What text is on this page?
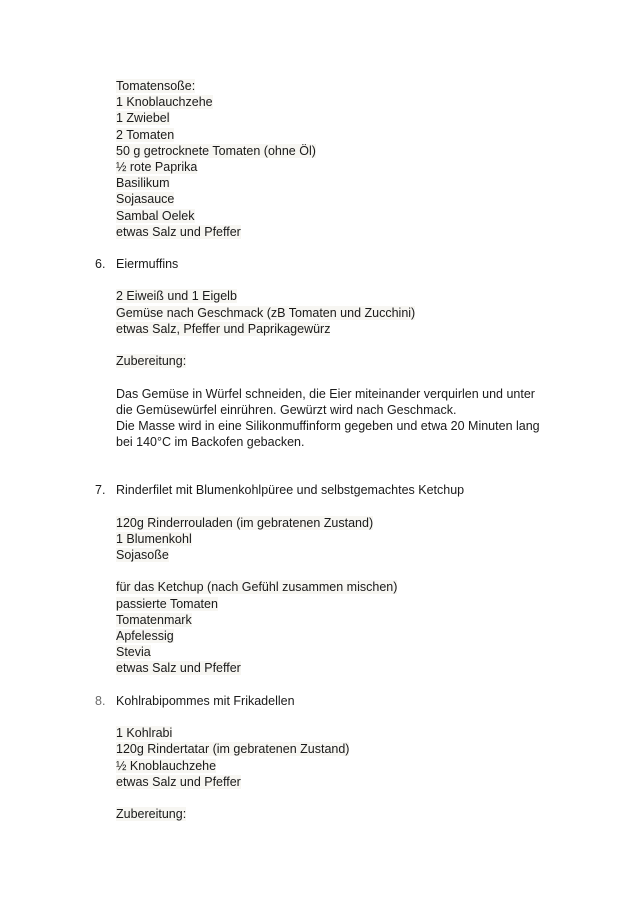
Tomatensoße:
1 Knoblauchzehe
1 Zwiebel
2 Tomaten
50 g getrocknete Tomaten (ohne Öl)
½ rote Paprika
Basilikum
Sojasauce
Sambal Oelek
etwas Salz und Pfeffer
6. Eiermuffins
2 Eiweiß und 1 Eigelb
Gemüse nach Geschmack (zB Tomaten und Zucchini)
etwas Salz, Pfeffer und Paprikagewürz
Zubereitung:
Das Gemüse in Würfel schneiden, die Eier miteinander verquirlen und unter
die Gemüsewürfel einrühren. Gewürzt wird nach Geschmack.
Die Masse wird in eine Silikonmuffinform gegeben und etwa 20 Minuten lang
bei 140°C im Backofen gebacken.
7. Rinderfilet mit Blumenkohlpüree und selbstgemachtes Ketchup
120g Rinderrouladen (im gebratenen Zustand)
1 Blumenkohl
Sojasoße
für das Ketchup (nach Gefühl zusammen mischen)
passierte Tomaten
Tomatenmark
Apfelessig
Stevia
etwas Salz und Pfeffer
8. Kohlrabipommes mit Frikadellen
1 Kohlrabi
120g Rindertatar (im gebratenen Zustand)
½ Knoblauchzehe
etwas Salz und Pfeffer
Zubereitung:
